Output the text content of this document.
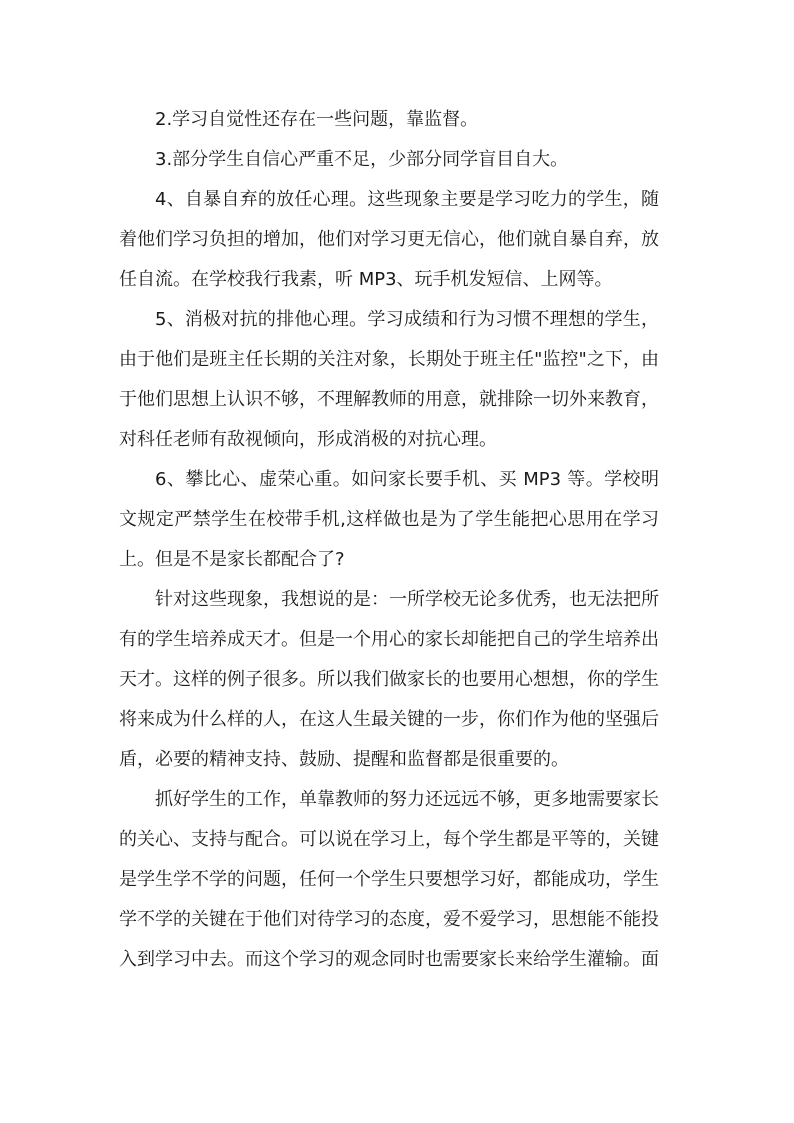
2.学习自觉性还存在一些问题，靠监督。

3.部分学生自信心严重不足，少部分同学盲目自大。

4、自暴自弃的放任心理。这些现象主要是学习吃力的学生，随着他们学习负担的增加，他们对学习更无信心，他们就自暴自弃，放任自流。在学校我行我素，听 MP3、玩手机发短信、上网等。

5、消极对抗的排他心理。学习成绩和行为习惯不理想的学生，由于他们是班主任长期的关注对象，长期处于班主任"监控"之下，由于他们思想上认识不够，不理解教师的用意，就排除一切外来教育，对科任老师有敌视倾向，形成消极的对抗心理。

6、攀比心、虚荣心重。如问家长要手机、买 MP3 等。学校明文规定严禁学生在校带手机,这样做也是为了学生能把心思用在学习上。但是不是家长都配合了?

针对这些现象，我想说的是：一所学校无论多优秀，也无法把所有的学生培养成天才。但是一个用心的家长却能把自己的学生培养出天才。这样的例子很多。所以我们做家长的也要用心想想，你的学生将来成为什么样的人，在这人生最关键的一步，你们作为他的坚强后盾，必要的精神支持、鼓励、提醒和监督都是很重要的。

抓好学生的工作，单靠教师的努力还远远不够，更多地需要家长的关心、支持与配合。可以说在学习上，每个学生都是平等的，关键是学生学不学的问题，任何一个学生只要想学习好，都能成功，学生学不学的关键在于他们对待学习的态度，爱不爱学习，思想能不能投入到学习中去。而这个学习的观念同时也需要家长来给学生灌输。面
